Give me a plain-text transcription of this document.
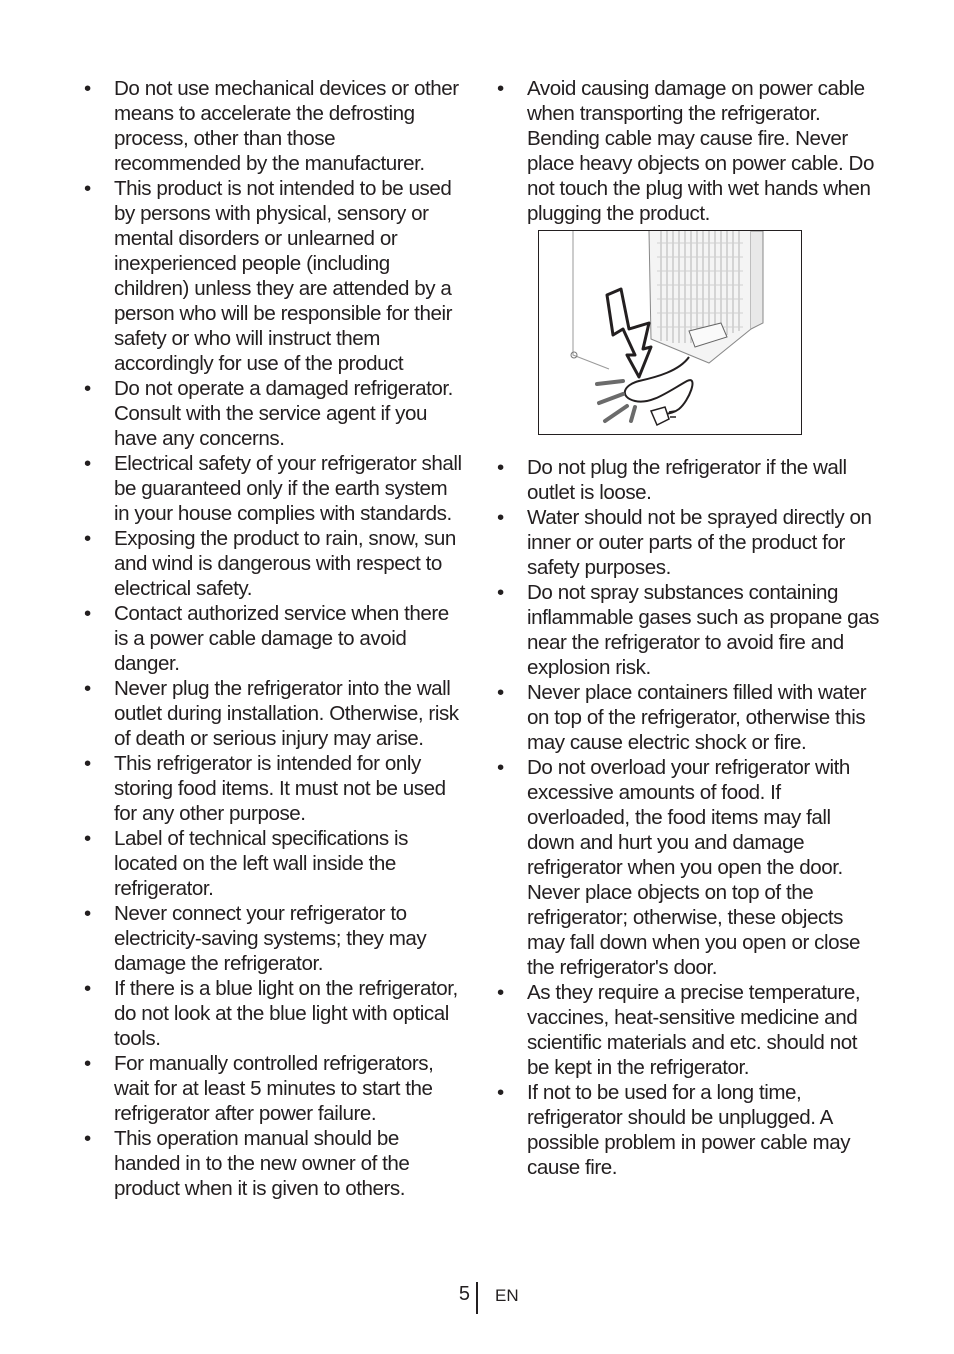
• Do not use mechanical devices or other means to accelerate the defrosting process, other than those recommended by the manufacturer.
• This product is not intended to be used by persons with physical, sensory or mental disorders or unlearned or inexperienced people (including children) unless they are attended by a person who will be responsible for their safety or who will instruct them accordingly for use of the product
• Do not operate a damaged refrigerator. Consult with the service agent if you have any concerns.
• Electrical safety of your refrigerator shall be guaranteed only if the earth system in your house complies with standards.
• Exposing the product to rain, snow, sun and wind is dangerous with respect to electrical safety.
• Contact authorized service when there is a power cable damage to avoid danger.
• Never plug the refrigerator into the wall outlet during installation. Otherwise, risk of death or serious injury may arise.
• This refrigerator is intended for only storing food items. It must not be used for any other purpose.
• Label of technical specifications is located on the left wall inside the refrigerator.
• Never connect your refrigerator to electricity-saving systems; they may damage the refrigerator.
• If there is a blue light on the refrigerator, do not look at the blue light with optical tools.
• For manually controlled refrigerators, wait for at least 5 minutes to start the refrigerator after power failure.
• This operation manual should be handed in to the new owner of the product when it is given to others.
• Avoid causing damage on power cable when transporting the refrigerator. Bending cable may cause fire. Never place heavy objects on power cable. Do not touch the plug with wet hands when plugging the product.
• Do not plug the refrigerator if the wall outlet is loose.
• Water should not be sprayed directly on inner or outer parts of the product for safety purposes.
• Do not spray substances containing inflammable gases such as propane gas near the refrigerator to avoid fire and explosion risk.
• Never place containers filled with water on top of the refrigerator, otherwise this may cause electric shock or fire.
• Do not overload your refrigerator with excessive amounts of food. If overloaded, the food items may fall down and hurt you and damage refrigerator when you open the door. Never place objects on top of the refrigerator; otherwise, these objects may fall down when you open or close the refrigerator's door.
• As they require a precise temperature, vaccines, heat-sensitive medicine and scientific materials and etc. should not be kept in the refrigerator.
• If not to be used for a long time, refrigerator should be unplugged. A possible problem in power cable may cause fire.
5 EN
